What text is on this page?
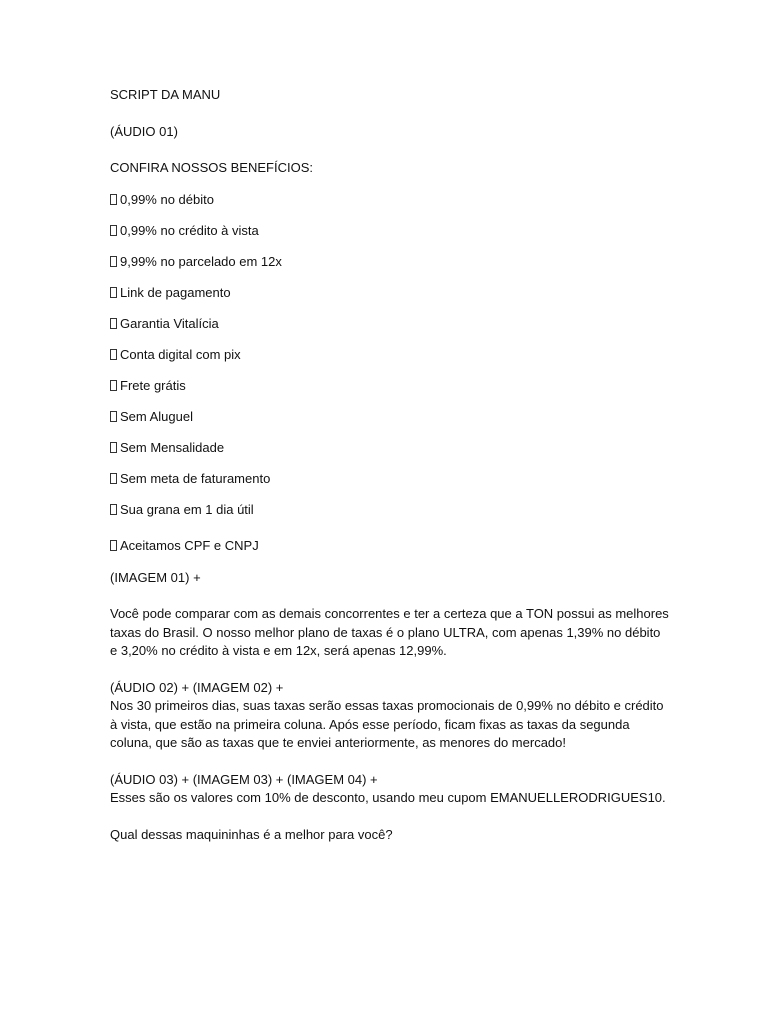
SCRIPT DA MANU

(ÁUDIO 01)

CONFIRA NOSSOS BENEFÍCIOS:

0,99% no débito
0,99% no crédito à vista
9,99% no parcelado em 12x
Link de pagamento
Garantia Vitalícia
Conta digital com pix
Frete grátis
Sem Aluguel
Sem Mensalidade
Sem meta de faturamento
Sua grana em 1 dia útil
Aceitamos CPF e CNPJ

(IMAGEM 01) +

Você pode comparar com as demais concorrentes e ter a certeza que a TON possui as melhores taxas do Brasil. O nosso melhor plano de taxas é o plano ULTRA, com apenas 1,39% no débito e 3,20% no crédito à vista e em 12x, será apenas 12,99%.

(ÁUDIO 02) + (IMAGEM 02) +

Nos 30 primeiros dias, suas taxas serão essas taxas promocionais de 0,99% no débito e crédito à vista, que estão na primeira coluna. Após esse período, ficam fixas as taxas da segunda coluna, que são as taxas que te enviei anteriormente, as menores do mercado!

(ÁUDIO 03) + (IMAGEM 03) + (IMAGEM 04) +

Esses são os valores com 10% de desconto, usando meu cupom EMANUELLERODRIGUES10.

Qual dessas maquininhas é a melhor para você?
